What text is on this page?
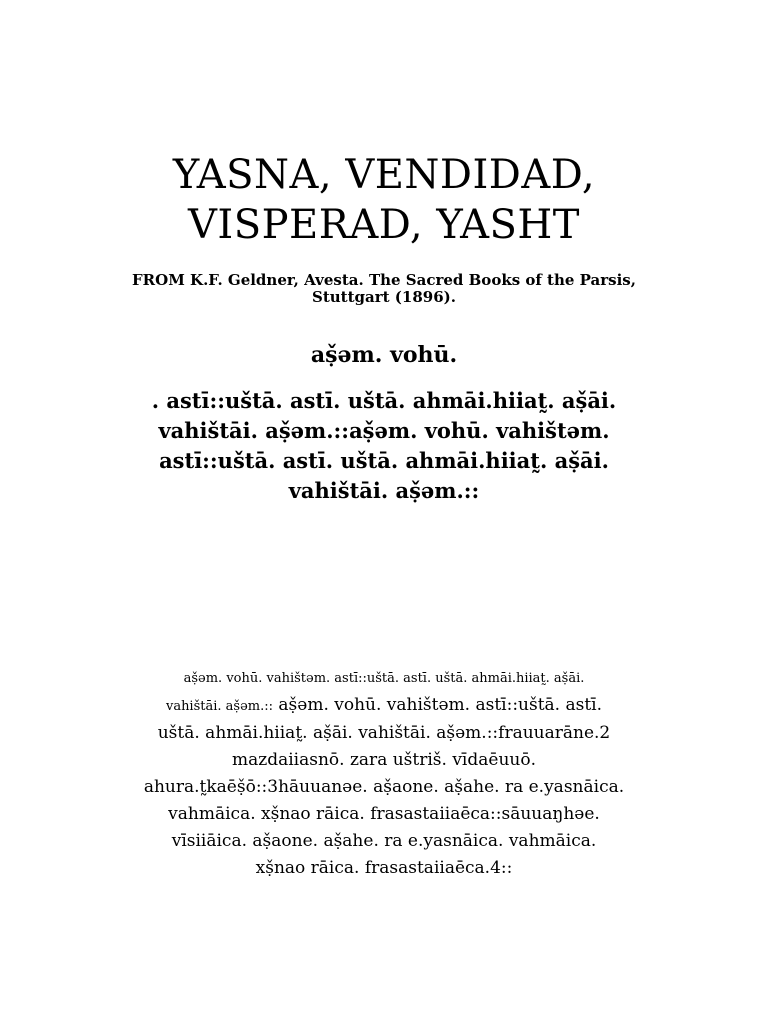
YASNA, VENDIDAD,
VISPERAD, YASHT

FROM K.F. Geldner, Avesta. The Sacred Books of the Parsis,
Stuttgart (1896).

aṣ̌əm. vohū.
. astī::uštā. astī. uštā. ahmāi.hiiat̰. aṣ̌āi.
vahištāi. aṣ̌əm.::aṣ̌əm. vohū. vahištəm.
astī::uštā. astī. uštā. ahmāi.hiiat̰. aṣ̌āi.
vahištāi. aṣ̌əm.::
aṣ̌əm. vohū. vahištəm. astī::uštā. astī. uštā. ahmāi.hiiat̰. aṣ̌āi.
vahištāi. aṣ̌əm.:: aṣ̌əm. vohū. vahištəm. astī::uštā. astī.
uštā. ahmāi.hiiat̰. aṣ̌āi. vahištāi. aṣ̌əm.::frauuarāne.2
mazdaiiasnō. zara uštriš. vīdaēuuō.
ahura.t̰kaēṣ̌ō::3hāuuanəe. aṣ̌aone. aṣ̌ahe. ra e.yasnāica.
vahmāica. xṣ̌nao rāica. frasastaiiaēca::sāuuaŋhəe.
vīsiiāica. aṣ̌aone. aṣ̌ahe. ra e.yasnāica. vahmāica.
xṣ̌nao rāica. frasastaiiaēca.4::
